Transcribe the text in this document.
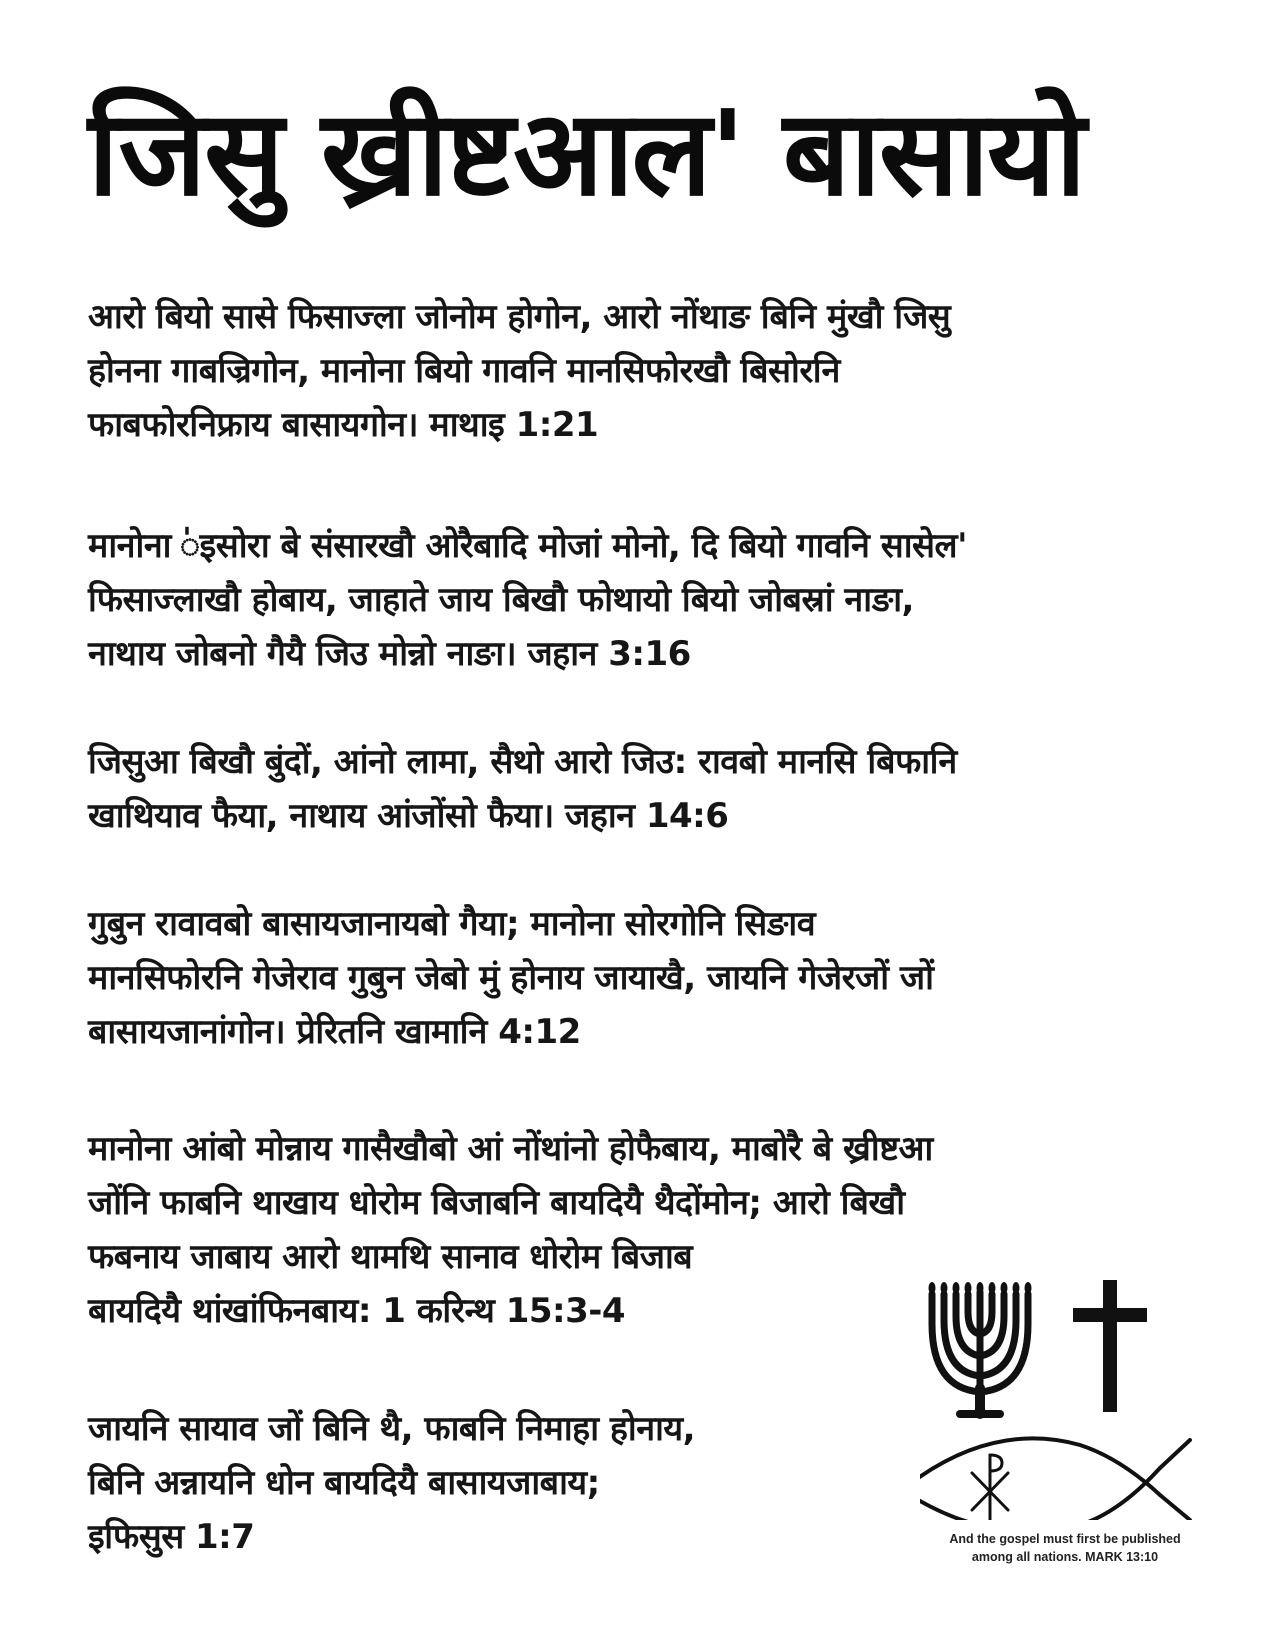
जिसु ख्रीष्टआल' बासायो

आरो बियो सासे फिसाज्ला जोनोम होगोन, आरो नोंथाङ बिनि मुंखौ जिसु
होनना गाबज्रिगोन, मानोना बियो गावनि मानसिफोरखौ बिसोरनि
फाबफोरनिफ्राय बासायगोन। माथाइ 1:21

मानोना ॑इसोरा बे संसारखौ ओरैबादि मोजां मोनो, दि बियो गावनि सासेल'
फिसाज्लाखौ होबाय, जाहाते जाय बिखौ फोथायो बियो जोबस्रां नाङा,
नाथाय जोबनो गैयै जिउ मोन्नो नाङा। जहान 3:16

जिसुआ बिखौ बुंदों, आंनो लामा, सैथो आरो जिउ: रावबो मानसि बिफानि
खाथियाव फैया, नाथाय आंजोंसो फैया। जहान 14:6

गुबुन रावावबो बासायजानायबो गैया; मानोना सोरगोनि सिङाव
मानसिफोरनि गेजेराव गुबुन जेबो मुं होनाय जायाखै, जायनि गेजेरजों जों
बासायजानांगोन। प्रेरितनि खामानि 4:12

मानोना आंबो मोन्नाय गासैखौबो आं नोंथांनो होफैबाय, माबोरै बे ख्रीष्टआ
जोंनि फाबनि थाखाय धोरोम बिजाबनि बायदियै थैदोंमोन; आरो बिखौ
फबनाय जाबाय आरो थामथि सानाव धोरोम बिजाब
बायदियै थांखांफिनबाय: 1 करिन्थ 15:3-4

जायनि सायाव जों बिनि थै, फाबनि निमाहा होनाय,
बिनि अन्नायनि धोन बायदियै बासायजाबाय;
इफिसुस 1:7	And the gospel must first be published
among all nations. MARK 13:10
